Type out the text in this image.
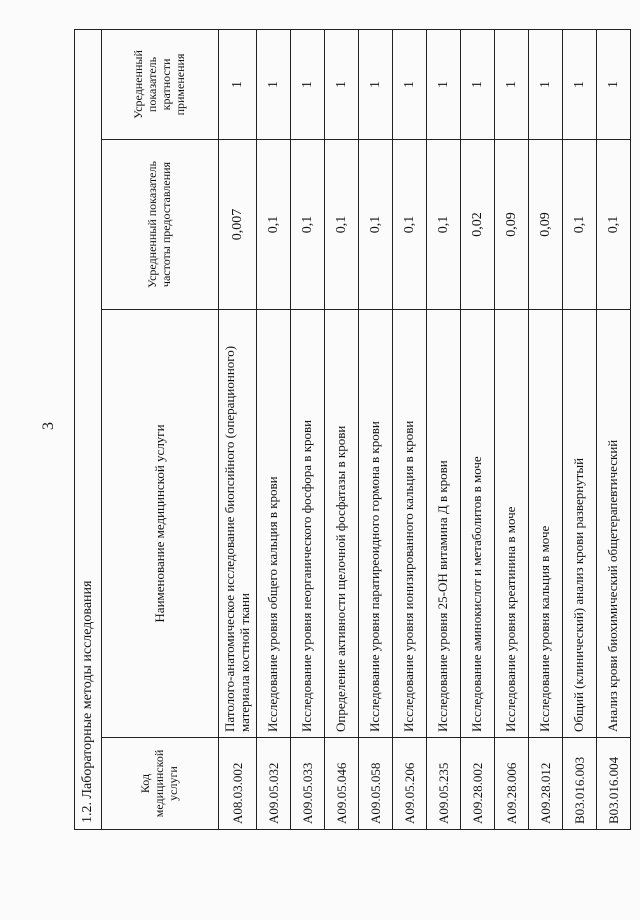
3
1.2. Лабораторные методы исследования			
Код медицинской услуги	Наименование медицинской услуги	Усредненный показатель частоты предоставления	Усредненный показатель кратности применения
A08.03.002	Патолого-анатомическое исследование биопсийного (операционного) материала костной ткани	0,007	1
A09.05.032	Исследование уровня общего кальция в крови	0,1	1
A09.05.033	Исследование уровня неорганического фосфора в крови	0,1	1
A09.05.046	Определение активности щелочной фосфатазы в крови	0,1	1
A09.05.058	Исследование уровня паратиреоидного гормона в крови	0,1	1
A09.05.206	Исследование уровня ионизированного кальция в крови	0,1	1
A09.05.235	Исследование уровня 25-OH витамина Д в крови	0,1	1
A09.28.002	Исследование аминокислот и метаболитов в моче	0,02	1
A09.28.006	Исследование уровня креатинина в моче	0,09	1
A09.28.012	Исследование уровня кальция в моче	0,09	1
B03.016.003	Общий (клинический) анализ крови развернутый	0,1	1
B03.016.004	Анализ крови биохимический общетерапевтический	0,1	1
